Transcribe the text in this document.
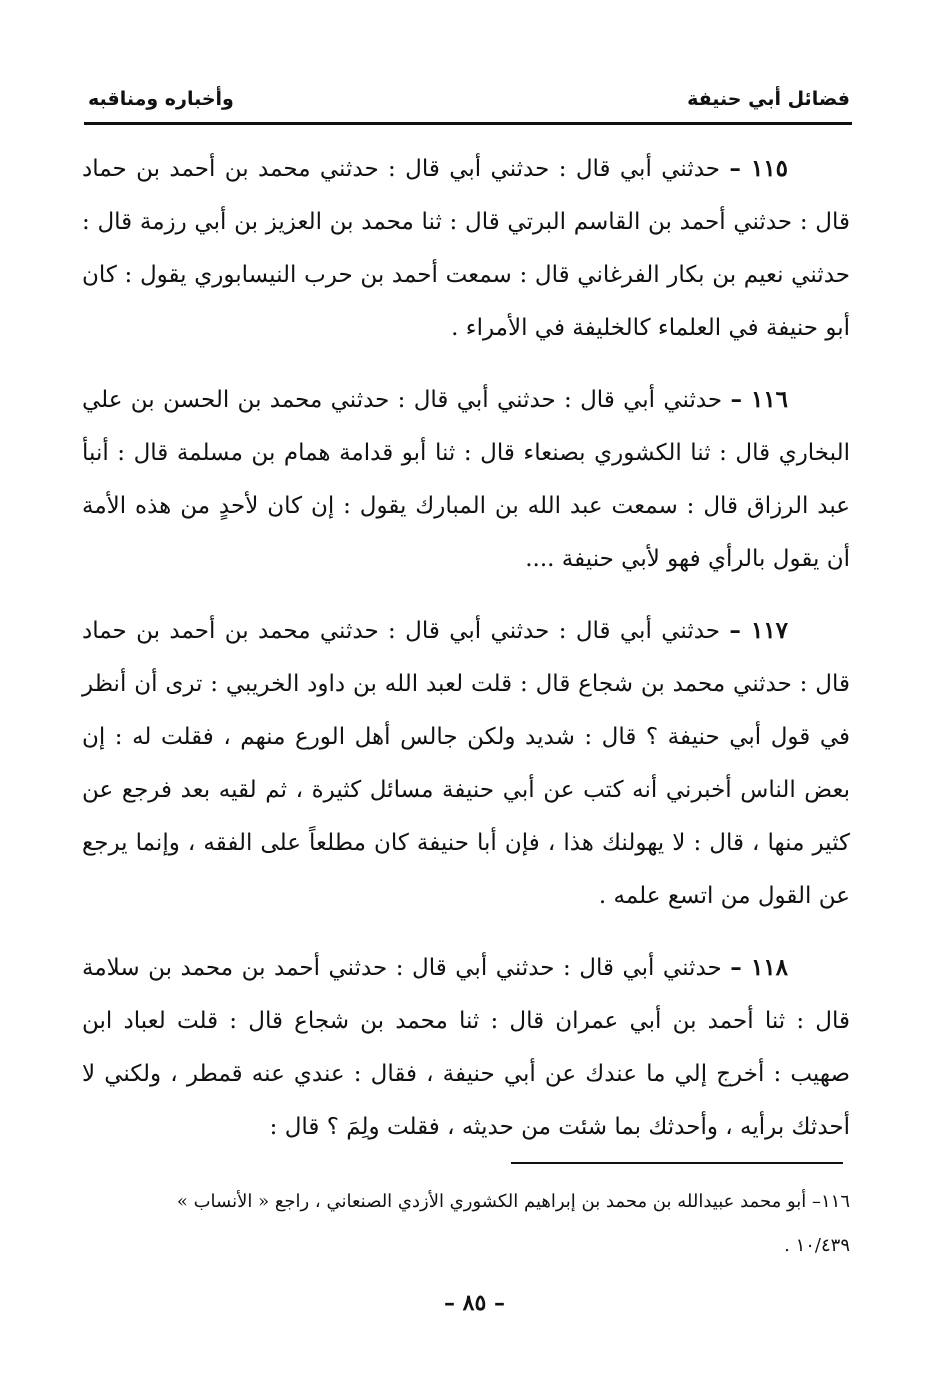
فضائل أبي حنيفة
وأخباره ومناقبه

١١٥ – حدثني أبي قال : حدثني أبي قال : حدثني محمد بن أحمد بن حماد قال : حدثني أحمد بن القاسم البرتي قال : ثنا محمد بن العزيز بن أبي رزمة قال : حدثني نعيم بن بكار الفرغاني قال : سمعت أحمد بن حرب النيسابوري يقول : كان أبو حنيفة في العلماء كالخليفة في الأمراء .

١١٦ – حدثني أبي قال : حدثني أبي قال : حدثني محمد بن الحسن بن علي البخاري قال : ثنا الكشوري بصنعاء قال : ثنا أبو قدامة همام بن مسلمة قال : أنبأ عبد الرزاق قال : سمعت عبد الله بن المبارك يقول : إن كان لأحدٍ من هذه الأمة أن يقول بالرأي فهو لأبي حنيفة ....

١١٧ – حدثني أبي قال : حدثني أبي قال : حدثني محمد بن أحمد بن حماد قال : حدثني محمد بن شجاع قال : قلت لعبد الله بن داود الخريبي : ترى أن أنظر في قول أبي حنيفة ؟ قال : شديد ولكن جالس أهل الورع منهم ، فقلت له : إن بعض الناس أخبرني أنه كتب عن أبي حنيفة مسائل كثيرة ، ثم لقيه بعد فرجع عن كثير منها ، قال : لا يهولنك هذا ، فإن أبا حنيفة كان مطلعاً على الفقه ، وإنما يرجع عن القول من اتسع علمه .

١١٨ – حدثني أبي قال : حدثني أبي قال : حدثني أحمد بن محمد بن سلامة قال : ثنا أحمد بن أبي عمران قال : ثنا محمد بن شجاع قال : قلت لعباد ابن صهيب : أخرج إلي ما عندك عن أبي حنيفة ، فقال : عندي عنه قمطر ، ولكني لا أحدثك برأيه ، وأحدثك بما شئت من حديثه ، فقلت ولِمَ ؟ قال :

١١٦– أبو محمد عبيدالله بن محمد بن إبراهيم الكشوري الأزدي الصنعاني ، راجع « الأنساب »

١٠/٤٣٩ .

– ٨٥ –
